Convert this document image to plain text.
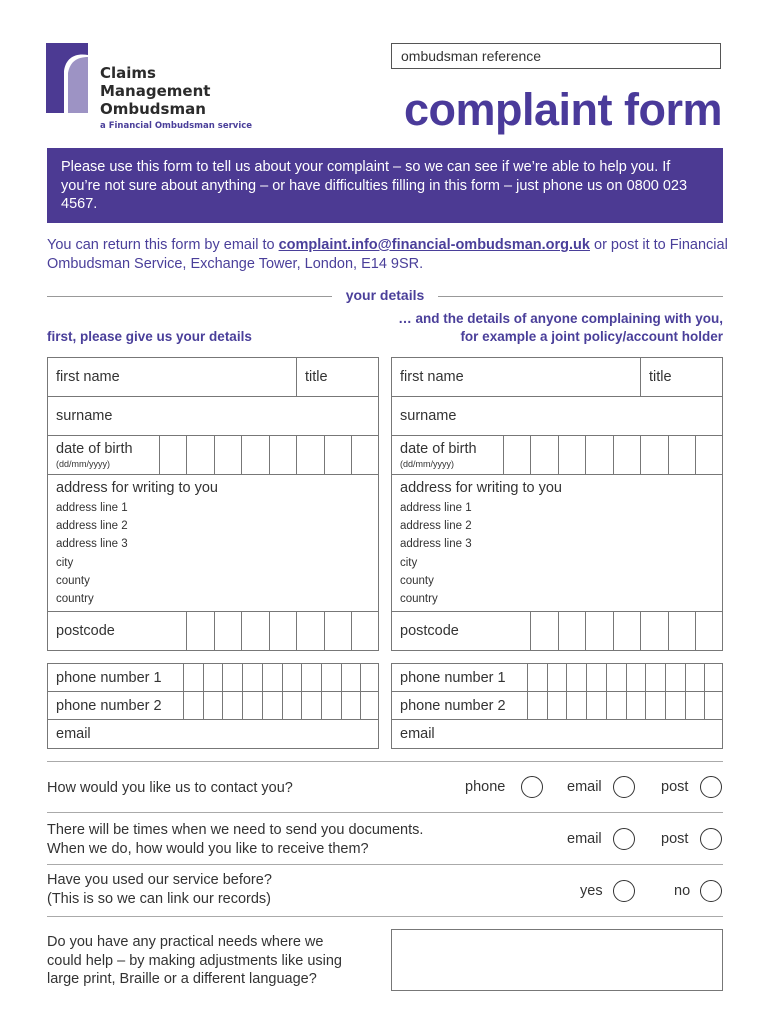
Claims
Management
Ombudsman
a Financial Ombudsman service
ombudsman reference
complaint form
Please use this form to tell us about your complaint – so we can see if we’re able to help you. If you’re not sure about anything – or have difficulties filling in this form – just phone us on 0800 023 4567.
You can return this form by email to complaint.info@financial-ombudsman.org.uk or post it to Financial Ombudsman Service, Exchange Tower, London, E14 9SR.
your details
first, please give us your details
… and the details of anyone complaining with you, for example a joint policy/account holder
first name	title
surname
date of birth
(dd/mm/yyyy)
address for writing to you
address line 1
address line 2
address line 3
city
county
country
postcode
phone number 1
phone number 2
email
first name	title
surname
date of birth
(dd/mm/yyyy)
address for writing to you
address line 1
address line 2
address line 3
city
county
country
postcode
phone number 1
phone number 2
email
How would you like us to contact you?	phone	email	post
There will be times when we need to send you documents.
When we do, how would you like to receive them?
email	post
Have you used our service before?
(This is so we can link our records)	yes	no
Do you have any practical needs where we
could help – by making adjustments like using
large print, Braille or a different language?
